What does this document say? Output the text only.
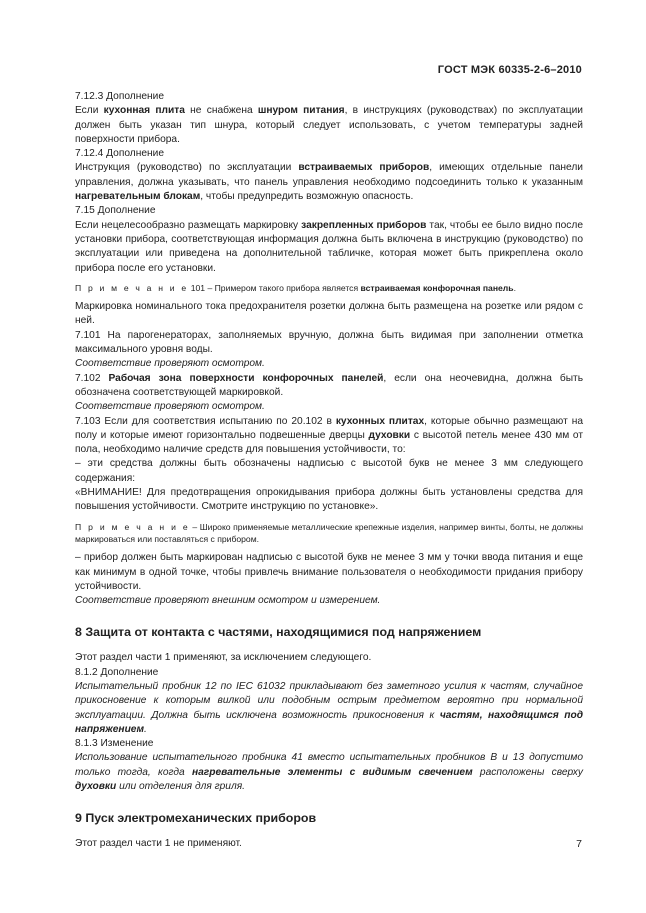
ГОСТ МЭК 60335-2-6–2010

7.12.3 Дополнение

Если кухонная плита не снабжена шнуром питания, в инструкциях (руководствах) по эксплуатации должен быть указан тип шнура, который следует использовать, с учетом температуры задней поверхности прибора.

7.12.4 Дополнение

Инструкция (руководство) по эксплуатации встраиваемых приборов, имеющих отдельные панели управления, должна указывать, что панель управления необходимо подсоединить только к указанным нагревательным блокам, чтобы предупредить возможную опасность.

7.15 Дополнение

Если нецелесообразно размещать маркировку закрепленных приборов так, чтобы ее было видно после установки прибора, соответствующая информация должна быть включена в инструкцию (руководство) по эксплуатации или приведена на дополнительной табличке, которая может быть прикреплена около прибора после его установки.

П р и м е ч а н и е 101 – Примером такого прибора является встраиваемая конфорочная панель.

Маркировка номинального тока предохранителя розетки должна быть размещена на розетке или рядом с ней.

7.101 На парогенераторах, заполняемых вручную, должна быть видимая при заполнении отметка максимального уровня воды.

Соответствие проверяют осмотром.

7.102 Рабочая зона поверхности конфорочных панелей, если она неочевидна, должна быть обозначена соответствующей маркировкой.

Соответствие проверяют осмотром.

7.103 Если для соответствия испытанию по 20.102 в кухонных плитах, которые обычно размещают на полу и которые имеют горизонтально подвешенные дверцы духовки с высотой петель менее 430 мм от пола, необходимо наличие средств для повышения устойчивости, то:

– эти средства должны быть обозначены надписью с высотой букв не менее 3 мм следующего содержания:

«ВНИМАНИЕ! Для предотвращения опрокидывания прибора должны быть установлены средства для повышения устойчивости. Смотрите инструкцию по установке».

П р и м е ч а н и е – Широко применяемые металлические крепежные изделия, например винты, болты, не должны маркироваться или поставляться с прибором.

– прибор должен быть маркирован надписью с высотой букв не менее 3 мм у точки ввода питания и еще как минимум в одной точке, чтобы привлечь внимание пользователя о необходимости придания прибору устойчивости.

Соответствие проверяют внешним осмотром и измерением.

8 Защита от контакта с частями, находящимися под напряжением

Этот раздел части 1 применяют, за исключением следующего.

8.1.2 Дополнение

Испытательный пробник 12 по IEC 61032 прикладывают без заметного усилия к частям, случайное прикосновение к которым вилкой или подобным острым предметом вероятно при нормальной эксплуатации. Должна быть исключена возможность прикосновения к частям, находящимся под напряжением.

8.1.3 Изменение

Использование испытательного пробника 41 вместо испытательных пробников B и 13 допустимо только тогда, когда нагревательные элементы с видимым свечением расположены сверху духовки или отделения для гриля.

9 Пуск электромеханических приборов

Этот раздел части 1 не применяют.	7
